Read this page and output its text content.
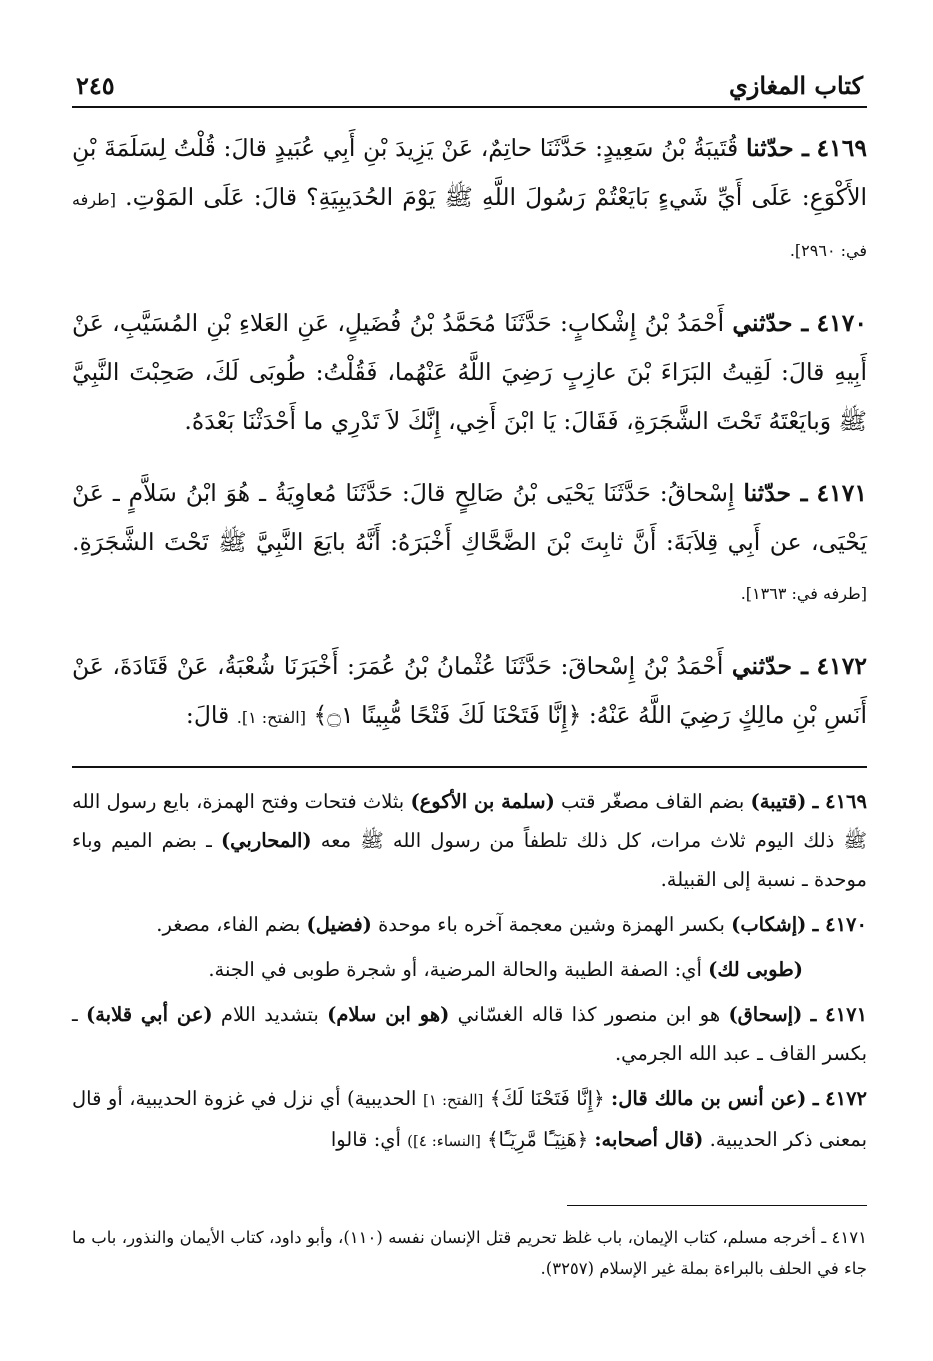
كتاب المغازي
٢٤٥

٤١٦٩ ـ حدّثنا قُتَيبَةُ بْنُ سَعِيدٍ: حَدَّثَنَا حاتِمٌ، عَنْ يَزِيدَ بْنِ أَبِي عُبَيدٍ قالَ: قُلْتُ لِسَلَمَةَ بْنِ الأَكْوَعِ: عَلَى أَيِّ شَيءٍ بَايَعْتُمْ رَسُولَ اللَّهِ ﷺ يَوْمَ الحُدَيبِيَةِ؟ قالَ: عَلَى المَوْتِ. [طرفه في: ٢٩٦٠].

٤١٧٠ ـ حدّثني أَحْمَدُ بْنُ إِشْكابٍ: حَدَّثَنَا مُحَمَّدُ بْنُ فُضَيلٍ، عَنِ العَلاءِ بْنِ المُسَيَّبِ، عَنْ أَبِيهِ قالَ: لَقِيتُ البَرَاءَ بْنَ عازِبٍ رَضِيَ اللَّهُ عَنْهُما، فَقُلْتُ: طُوبَى لَكَ، صَحِبْتَ النَّبِيَّ ﷺ وَبايَعْتَهُ تَحْتَ الشَّجَرَةِ، فَقَالَ: يَا ابْنَ أَخِي، إِنَّكَ لاَ تَدْرِي ما أَحْدَثْنَا بَعْدَهُ.

٤١٧١ ـ حدّثنا إِسْحاقُ: حَدَّثَنَا يَحْيَى بْنُ صَالِحٍ قالَ: حَدَّثَنَا مُعاوِيَةُ ـ هُوَ ابْنُ سَلاَّمٍ ـ عَنْ يَحْيَى، عن أَبِي قِلاَبَةَ: أَنَّ ثابِتَ بْنَ الضَّحَّاكِ أَخْبَرَهُ: أَنَّهُ بايَعَ النَّبِيَّ ﷺ تَحْتَ الشَّجَرَةِ. [طرفه في: ١٣٦٣].

٤١٧٢ ـ حدّثني أَحْمَدُ بْنُ إِسْحاقَ: حَدَّثَنَا عُثْمانُ بْنُ عُمَرَ: أَخْبَرَنَا شُعْبَةُ، عَنْ قَتَادَةَ، عَنْ أَنَسِ بْنِ مالِكٍ رَضِيَ اللَّهُ عَنْهُ: ﴿إِنَّا فَتَحْنَا لَكَ فَتْحًا مُّبِينًا ۝١﴾ [الفتح: ١]. قالَ:

٤١٦٩ ـ (قتيبة) بضم القاف مصغّر قتب (سلمة بن الأكوع) بثلاث فتحات وفتح الهمزة، بايع رسول الله ﷺ ذلك اليوم ثلاث مرات، كل ذلك تلطفاً من رسول الله ﷺ معه (المحاربي) ـ بضم الميم وباء موحدة ـ نسبة إلى القبيلة.

٤١٧٠ ـ (إشكاب) بكسر الهمزة وشين معجمة آخره باء موحدة (فضيل) بضم الفاء، مصغر.

(طوبى لك) أي: الصفة الطيبة والحالة المرضية، أو شجرة طوبى في الجنة.

٤١٧١ ـ (إسحاق) هو ابن منصور كذا قاله الغسّاني (هو ابن سلام) بتشديد اللام (عن أبي قلابة) ـ بكسر القاف ـ عبد الله الجرمي.

٤١٧٢ ـ (عن أنس بن مالك قال: ﴿إِنَّا فَتَحْنَا لَكَ﴾ [الفتح: ١] الحديبية) أي نزل في غزوة الحديبية، أو قال بمعنى ذكر الحديبية. (قال أصحابه: ﴿هَنِيٓـًٔا مَّرِيٓـًٔا﴾ [النساء: ٤]) أي: قالوا

٤١٧١ ـ أخرجه مسلم، كتاب الإيمان، باب غلظ تحريم قتل الإنسان نفسه (١١٠)، وأبو داود، كتاب الأيمان والنذور، باب ما جاء في الحلف بالبراءة بملة غير الإسلام (٣٢٥٧).
